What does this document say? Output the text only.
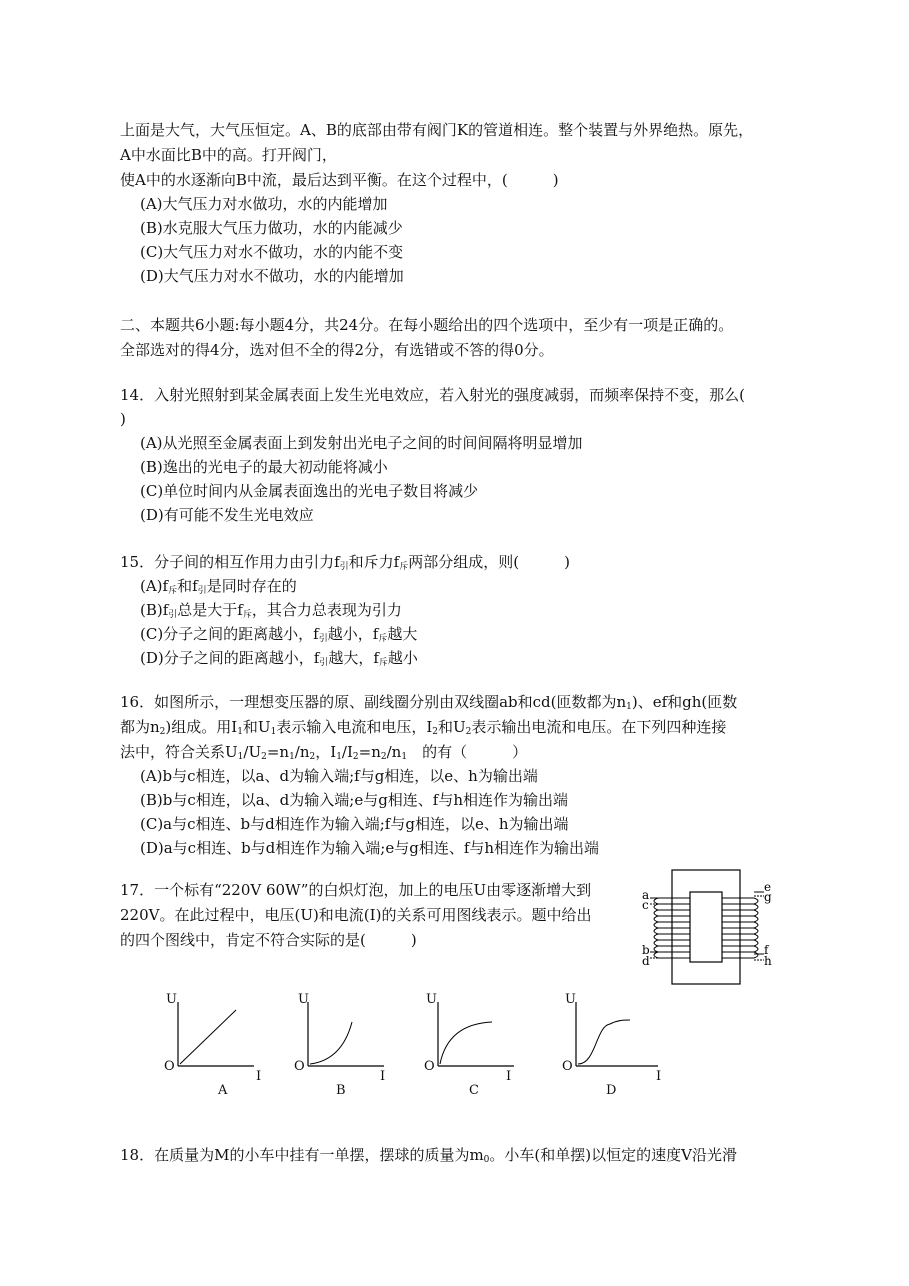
上面是大气，大气压恒定。A、B的底部由带有阀门K的管道相连。整个装置与外界绝热。原先，
A中水面比B中的高。打开阀门，
使A中的水逐渐向B中流，最后达到平衡。在这个过程中，(　　　)
(A)大气压力对水做功，水的内能增加
(B)水克服大气压力做功，水的内能减少
(C)大气压力对水不做功，水的内能不变
(D)大气压力对水不做功，水的内能增加
二、本题共6小题:每小题4分，共24分。在每小题给出的四个选项中，至少有一项是正确的。
全部选对的得4分，选对但不全的得2分，有选错或不答的得0分。
14．入射光照射到某金属表面上发生光电效应，若入射光的强度减弱，而频率保持不变，那么(
)
(A)从光照至金属表面上到发射出光电子之间的时间间隔将明显增加
(B)逸出的光电子的最大初动能将减小
(C)单位时间内从金属表面逸出的光电子数目将减少
(D)有可能不发生光电效应
15．分子间的相互作用力由引力$f_引$和斥力$f_斥$两部分组成，则(　　　)
$(A)f_斥$和$f_引$是同时存在的
$(B)f_引$总是大于$f_斥$，其合力总表现为引力
(C)分子之间的距离越小，$f_引$越小，$f_斥$越大
(D)分子之间的距离越小，$f_引$越大，$f_斥$越小
16．如图所示，一理想变压器的原、副线圈分别由双线圈ab和cd(匝数都为$n_1$)、ef和gh(匝数
都为$n_2$)组成。用$I_1$和$U_1$表示输入电流和电压，$I_2$和$U_2$表示输出电流和电压。在下列四种连接
法中，符合关系$U_1/U_2=n_1/n_2$，$I_1/I_2=n_2/n_1$　的有（　　　）
(A)b与c相连，以a、d为输入端;f与g相连，以e、h为输出端
(B)b与c相连，以a、d为输入端;e与g相连、f与h相连作为输出端
(C)a与c相连、b与d相连作为输入端;f与g相连，以e、h为输出端
(D)a与c相连、b与d相连作为输入端;e与g相连、f与h相连作为输出端
a
c
b
d
e
g
f
h
17．一个标有“220V 60W”的白炽灯泡，加上的电压U由零逐渐增大到
220V。在此过程中，电压(U)和电流(I)的关系可用图线表示。题中给出
的四个图线中，肯定不符合实际的是(　　　)
U
O
I
A
U
O
I
B
U
O
I
C
U
O
I
D
18．在质量为M的小车中挂有一单摆，摆球的质量为$m_0$。小车(和单摆)以恒定的速度V沿光滑
